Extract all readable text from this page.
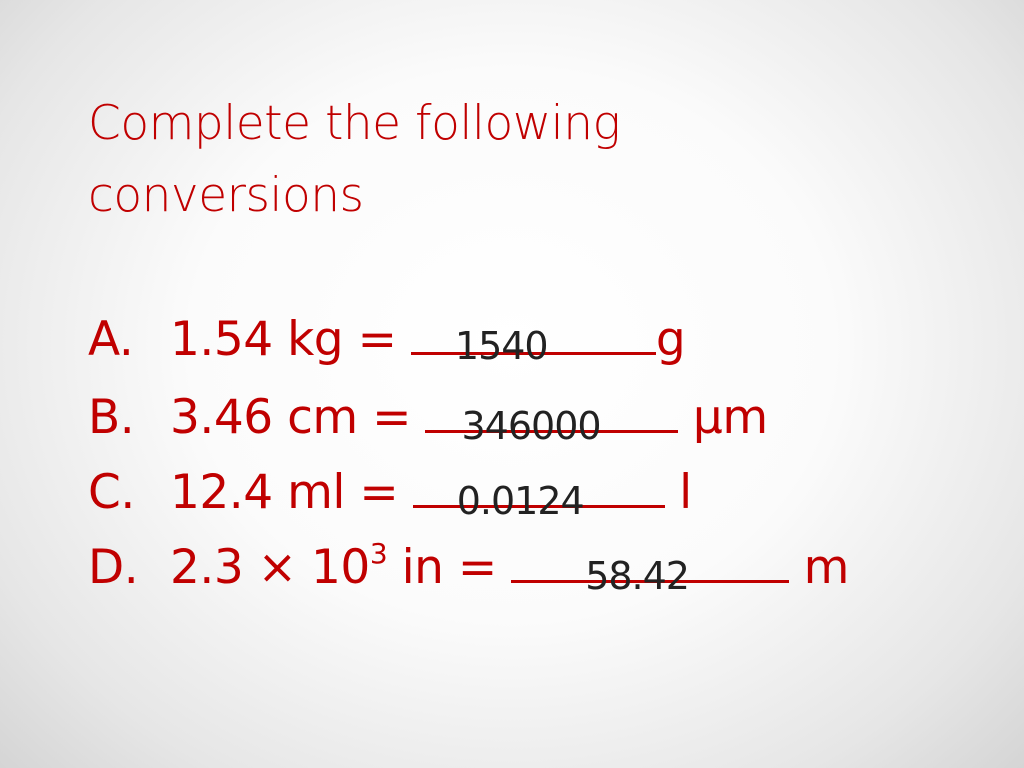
Complete the following conversions
A. 1.54 kg = 1540 g
B. 3.46 cm = 346000 μm
C. 12.4 ml = 0.0124 l
D. $2.3 \times 10^3$ in = 58.42 m
